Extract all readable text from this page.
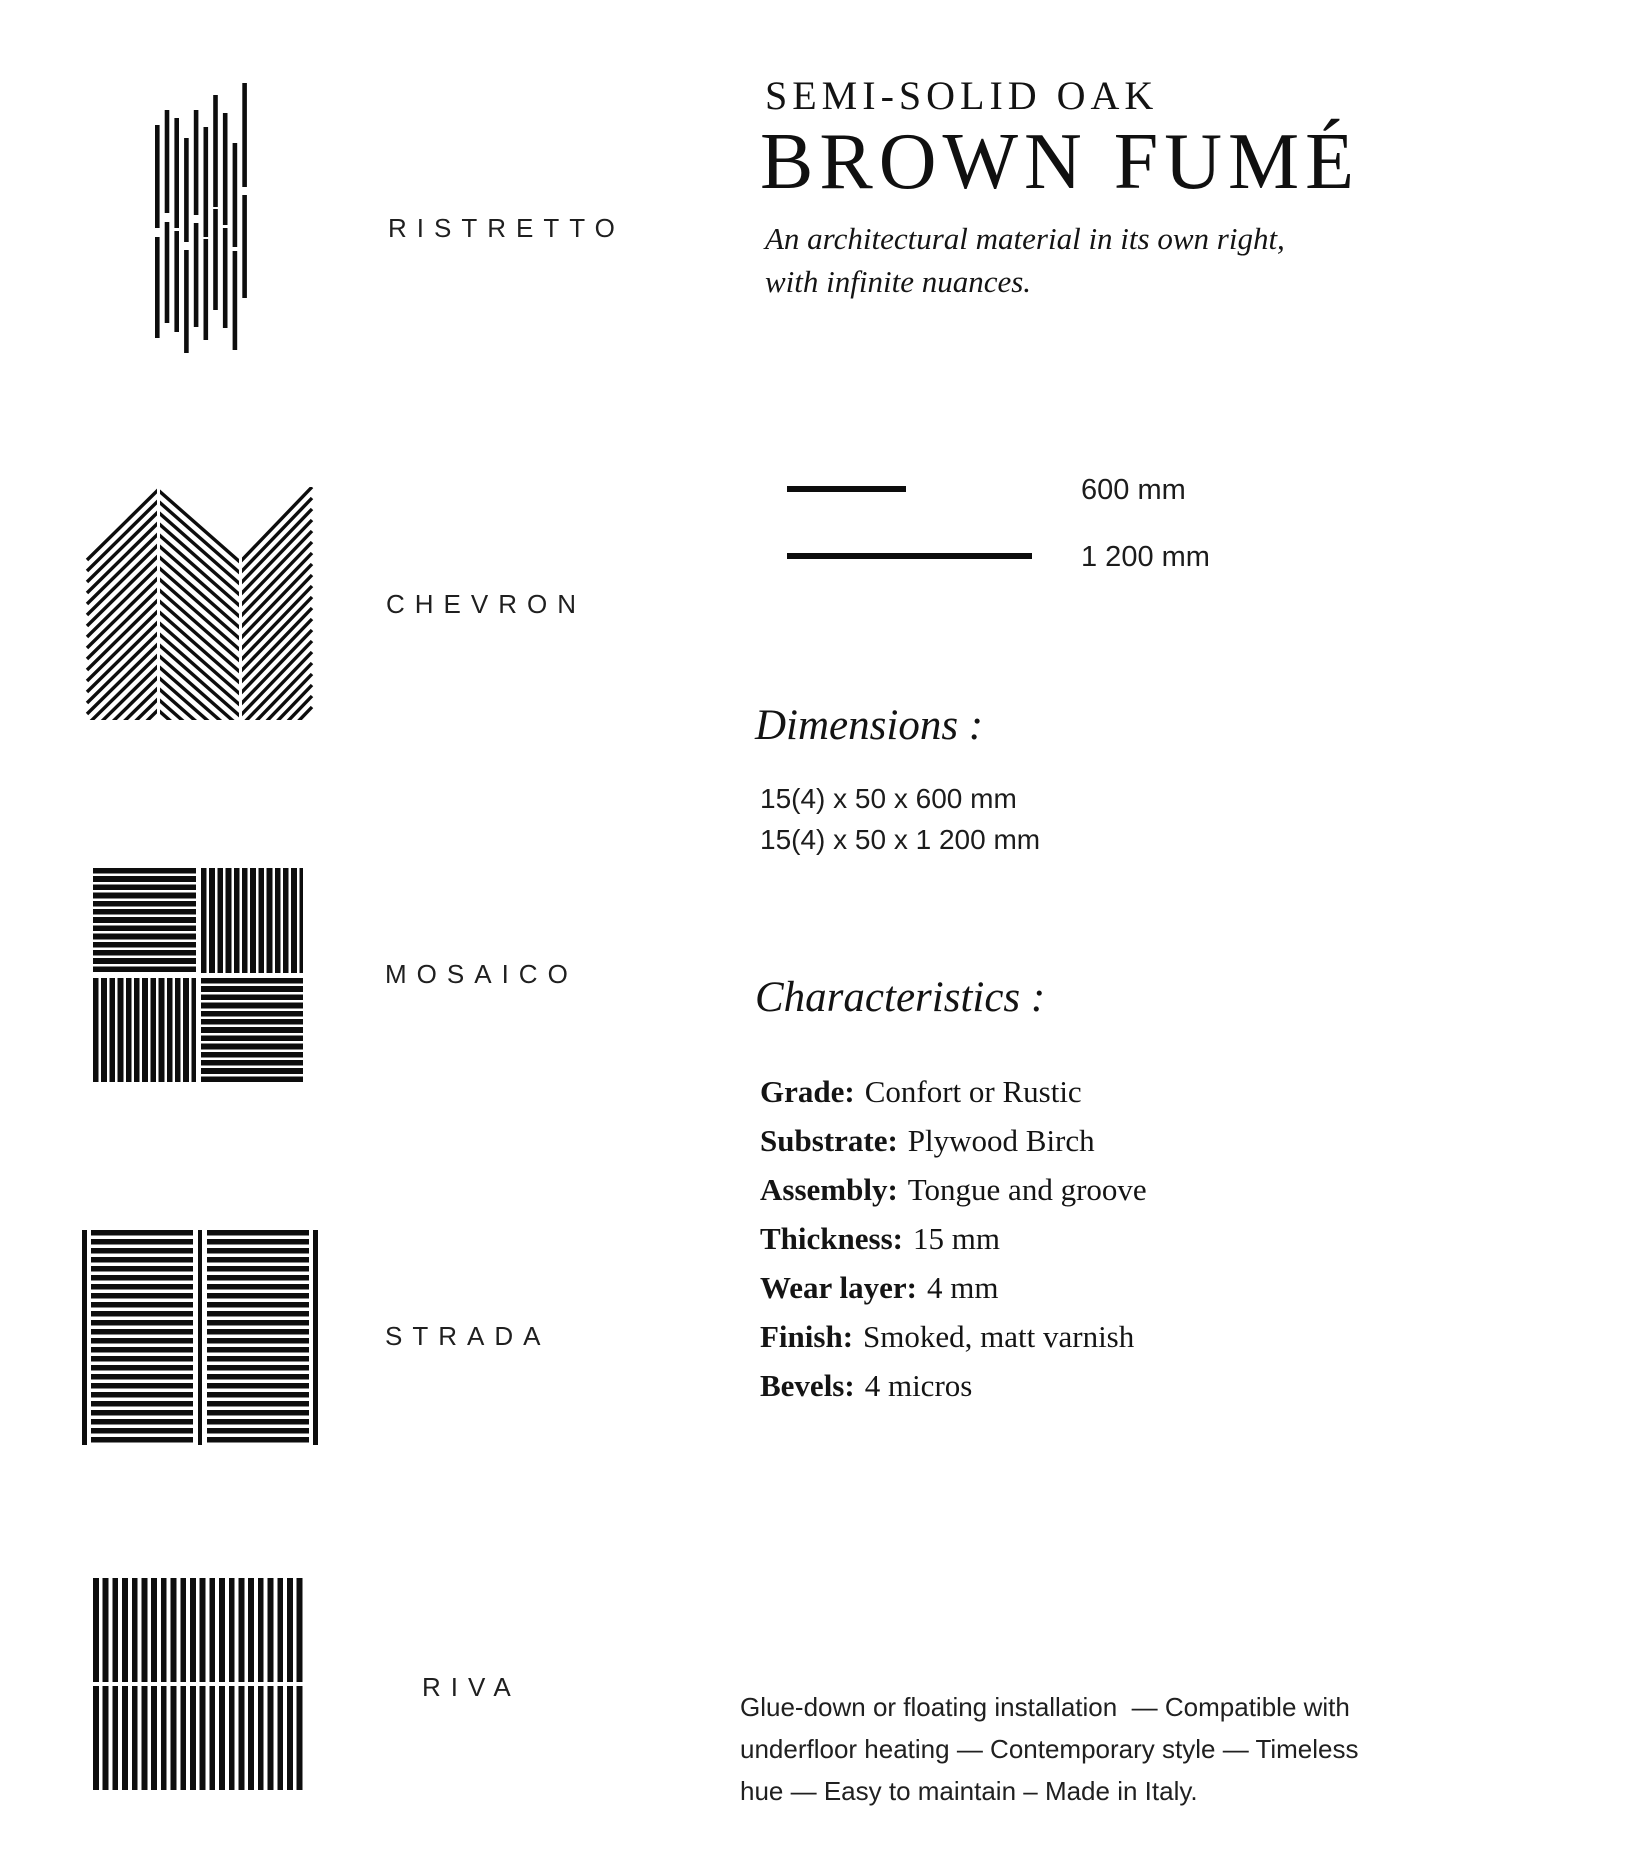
RISTRETTO
CHEVRON
MOSAICO
STRADA
RIVA
SEMI-SOLID OAK
BROWN FUMÉ
An architectural material in its own right,
with infinite nuances.
600 mm
1 200 mm
Dimensions :
15(4) x 50 x 600 mm
15(4) x 50 x 1 200 mm
Characteristics :
Grade: Confort or Rustic
Substrate: Plywood Birch
Assembly: Tongue and groove
Thickness: 15 mm
Wear layer: 4 mm
Finish: Smoked, matt varnish
Bevels: 4 micros
Glue-down or floating installation  — Compatible with
underfloor heating — Contemporary style — Timeless
hue — Easy to maintain – Made in Italy.
